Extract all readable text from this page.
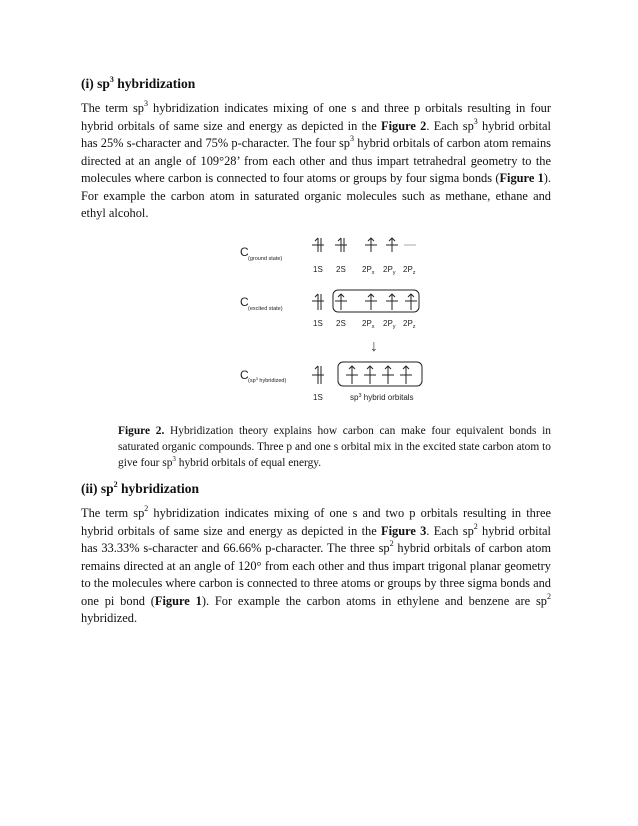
(i) $sp^3$ hybridization

The term $sp^3$ hybridization indicates mixing of one s and three p orbitals resulting in four hybrid orbitals of same size and energy as depicted in the Figure 2. Each $sp^3$ hybrid orbital has 25% s-character and 75% p-character. The four $sp^3$ hybrid orbitals of carbon atom remains directed at an angle of 109°28’ from each other and thus impart tetrahedral geometry to the molecules where carbon is connected to four atoms or groups by four sigma bonds (Figure 1). For example the carbon atom in saturated organic molecules such as methane, ethane and ethyl alcohol.

C (ground state)
C (excited state)
C ($sp^3$ hybridized)
1S 2S $2P_x$ $2P_y$ $2P_z$
1S 2S $2P_x$ $2P_y$ $2P_z$
↓
1S	$sp^3$ hybrid orbitals

Figure 2. Hybridization theory explains how carbon can make four equivalent bonds in saturated organic compounds. Three p and one s orbital mix in the excited state carbon atom to give four $sp^3$ hybrid orbitals of equal energy.

(ii) $sp^2$ hybridization

The term $sp^2$ hybridization indicates mixing of one s and two p orbitals resulting in three hybrid orbitals of same size and energy as depicted in the Figure 3. Each $sp^2$ hybrid orbital has 33.33% s-character and 66.66% p-character. The three $sp^2$ hybrid orbitals of carbon atom remains directed at an angle of 120° from each other and thus impart trigonal planar geometry to the molecules where carbon is connected to three atoms or groups by three sigma bonds and one pi bond (Figure 1). For example the carbon atoms in ethylene and benzene are $sp^2$ hybridized.
